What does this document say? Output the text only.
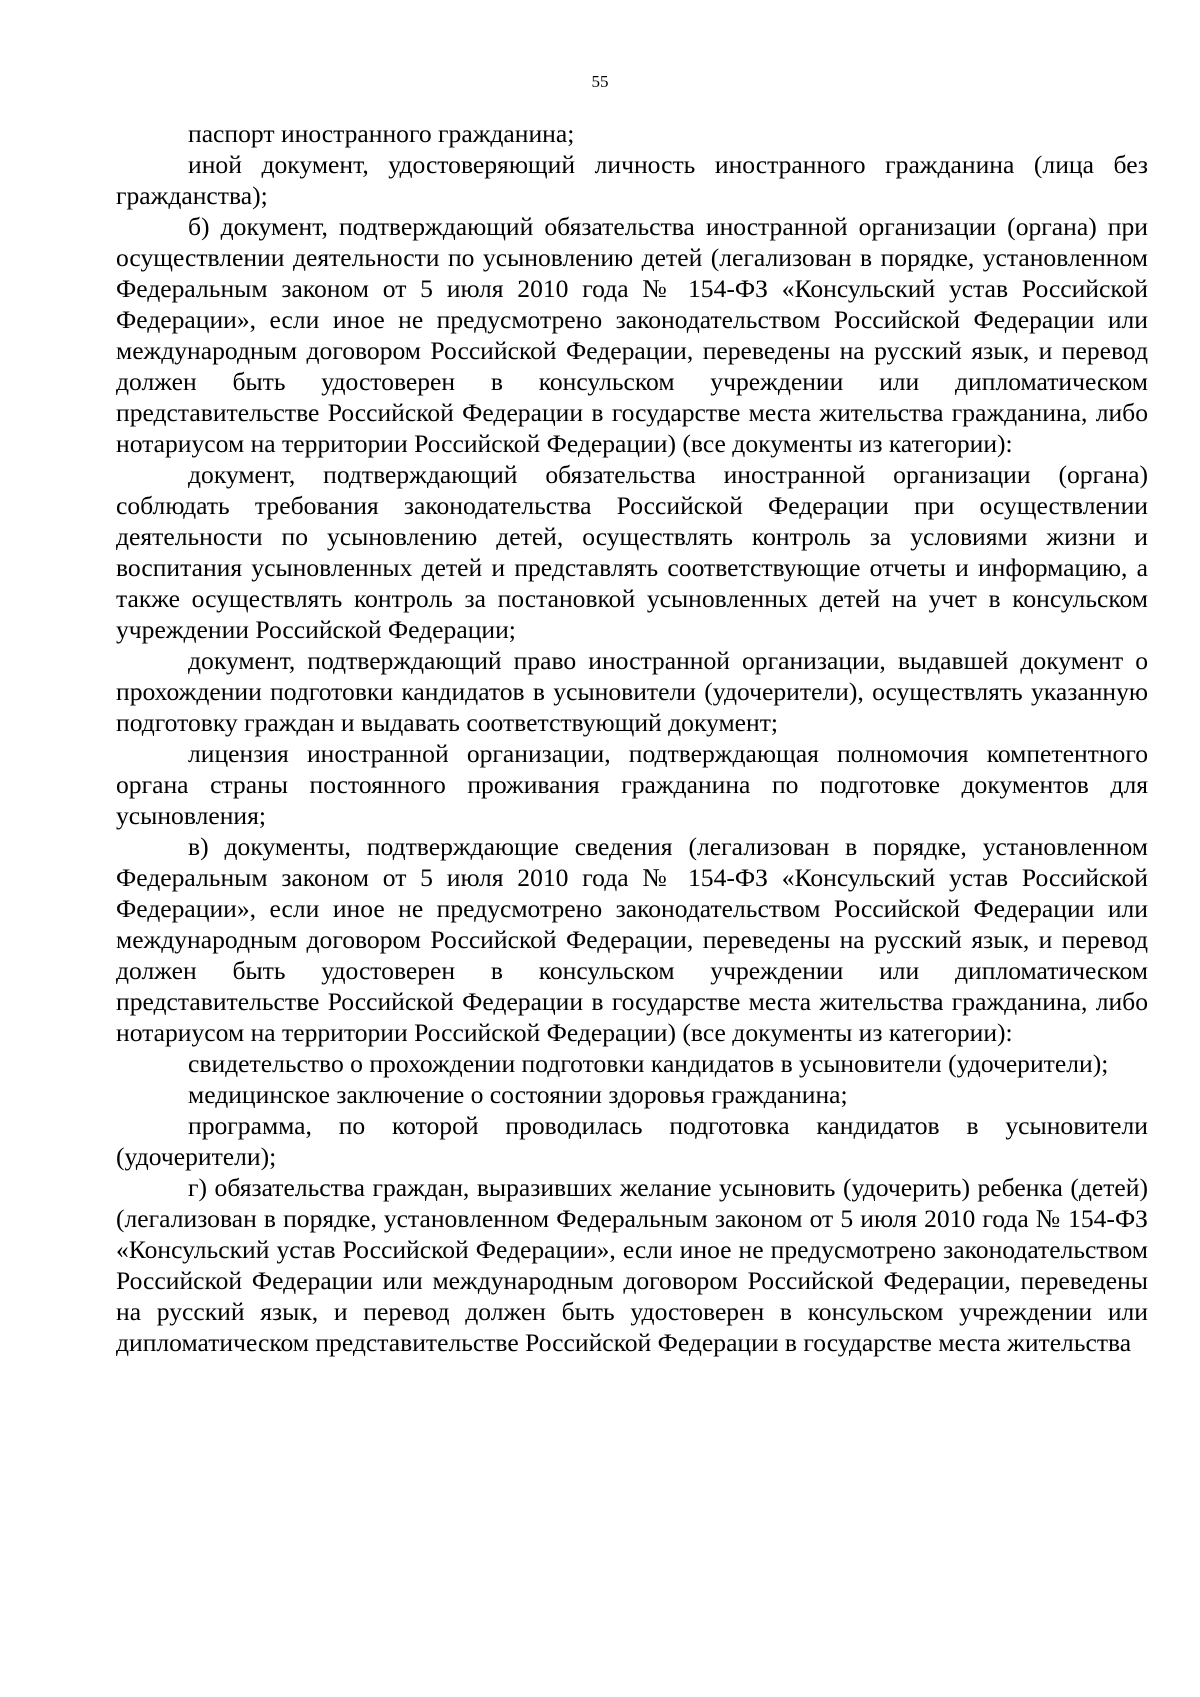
55

паспорт иностранного гражданина;

иной документ, удостоверяющий личность иностранного гражданина (лица без гражданства);

б) документ, подтверждающий обязательства иностранной организации (органа) при осуществлении деятельности по усыновлению детей (легализован в порядке, установленном Федеральным законом от 5 июля 2010 года № 154-ФЗ «Консульский устав Российской Федерации», если иное не предусмотрено законодательством Российской Федерации или международным договором Российской Федерации, переведены на русский язык, и перевод должен быть удостоверен в консульском учреждении или дипломатическом представительстве Российской Федерации в государстве места жительства гражданина, либо нотариусом на территории Российской Федерации) (все документы из категории):

документ, подтверждающий обязательства иностранной организации (органа) соблюдать требования законодательства Российской Федерации при осуществлении деятельности по усыновлению детей, осуществлять контроль за условиями жизни и воспитания усыновленных детей и представлять соответствующие отчеты и информацию, а также осуществлять контроль за постановкой усыновленных детей на учет в консульском учреждении Российской Федерации;

документ, подтверждающий право иностранной организации, выдавшей документ о прохождении подготовки кандидатов в усыновители (удочерители), осуществлять указанную подготовку граждан и выдавать соответствующий документ;

лицензия иностранной организации, подтверждающая полномочия компетентного органа страны постоянного проживания гражданина по подготовке документов для усыновления;

в) документы, подтверждающие сведения (легализован в порядке, установленном Федеральным законом от 5 июля 2010 года № 154-ФЗ «Консульский устав Российской Федерации», если иное не предусмотрено законодательством Российской Федерации или международным договором Российской Федерации, переведены на русский язык, и перевод должен быть удостоверен в консульском учреждении или дипломатическом представительстве Российской Федерации в государстве места жительства гражданина, либо нотариусом на территории Российской Федерации) (все документы из категории):

свидетельство о прохождении подготовки кандидатов в усыновители (удочерители);

медицинское заключение о состоянии здоровья гражданина;

программа, по которой проводилась подготовка кандидатов в усыновители (удочерители);

г) обязательства граждан, выразивших желание усыновить (удочерить) ребенка (детей) (легализован в порядке, установленном Федеральным законом от 5 июля 2010 года № 154-ФЗ «Консульский устав Российской Федерации», если иное не предусмотрено законодательством Российской Федерации или международным договором Российской Федерации, переведены на русский язык, и перевод должен быть удостоверен в консульском учреждении или дипломатическом представительстве Российской Федерации в государстве места жительства
